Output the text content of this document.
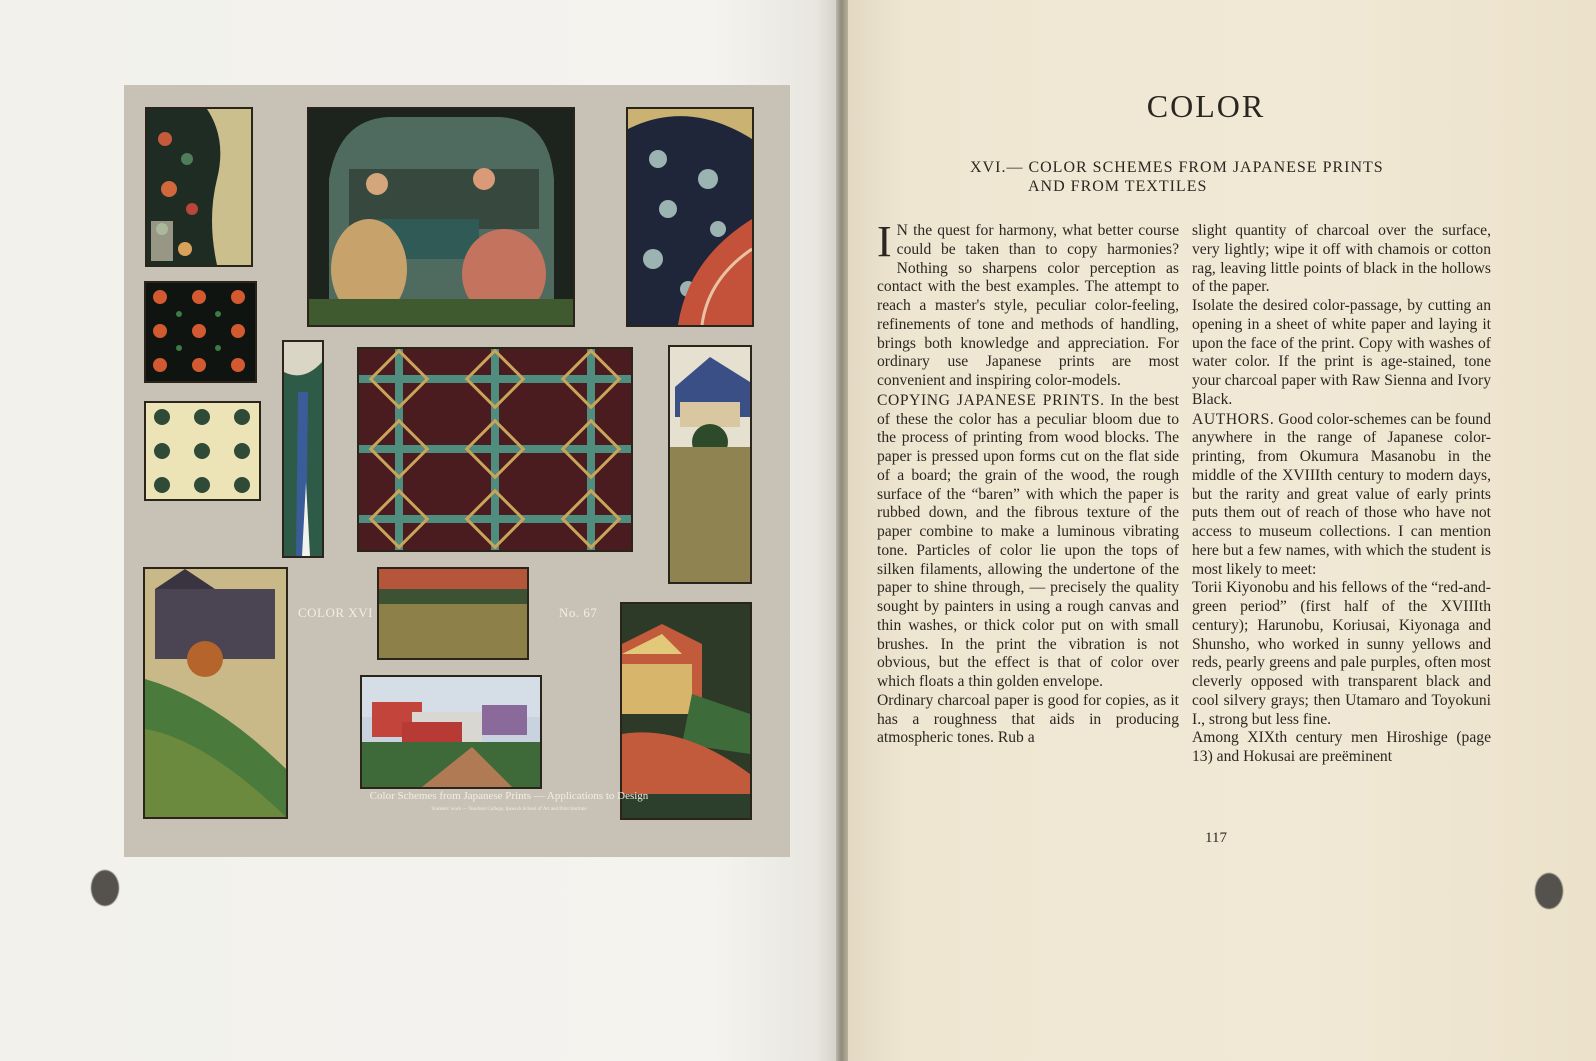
COLOR XVI	No. 67
Color Schemes from Japanese Prints — Applications to Design
Students' work — Teachers College, Ipswich School of Art and Print Institute
COLOR
XVI.— COLOR SCHEMES FROM JAPANESE PRINTS
AND FROM TEXTILES

I N the quest for harmony, what better course could be taken than to copy harmonies? Nothing so sharpens color perception as contact with the best examples. The attempt to reach a master's style, peculiar color-feeling, refinements of tone and methods of handling, brings both knowledge and appreciation. For ordinary use Japanese prints are most convenient and inspiring color-models.

COPYING JAPANESE PRINTS. In the best of these the color has a peculiar bloom due to the process of printing from wood blocks. The paper is pressed upon forms cut on the flat side of a board; the grain of the wood, the rough surface of the “baren” with which the paper is rubbed down, and the fibrous texture of the paper combine to make a luminous vibrating tone. Particles of color lie upon the tops of silken filaments, allowing the undertone of the paper to shine through, — precisely the quality sought by painters in using a rough canvas and thin washes, or thick color put on with small brushes. In the print the vibration is not obvious, but the effect is that of color over which floats a thin golden envelope.

Ordinary charcoal paper is good for copies, as it has a roughness that aids in producing atmospheric tones. Rub a

slight quantity of charcoal over the surface, very lightly; wipe it off with chamois or cotton rag, leaving little points of black in the hollows of the paper.

Isolate the desired color-passage, by cutting an opening in a sheet of white paper and laying it upon the face of the print. Copy with washes of water color. If the print is age-stained, tone your charcoal paper with Raw Sienna and Ivory Black.

AUTHORS. Good color-schemes can be found anywhere in the range of Japanese color-printing, from Okumura Masanobu in the middle of the XVIIIth century to modern days, but the rarity and great value of early prints puts them out of reach of those who have not access to museum collections. I can mention here but a few names, with which the student is most likely to meet:

Torii Kiyonobu and his fellows of the “red-and-green period” (first half of the XVIIIth century); Harunobu, Koriusai, Kiyonaga and Shunsho, who worked in sunny yellows and reds, pearly greens and pale purples, often most cleverly opposed with transparent black and cool silvery grays; then Utamaro and Toyokuni I., strong but less fine.

Among XIXth century men Hiroshige (page 13) and Hokusai are preëminent

117
